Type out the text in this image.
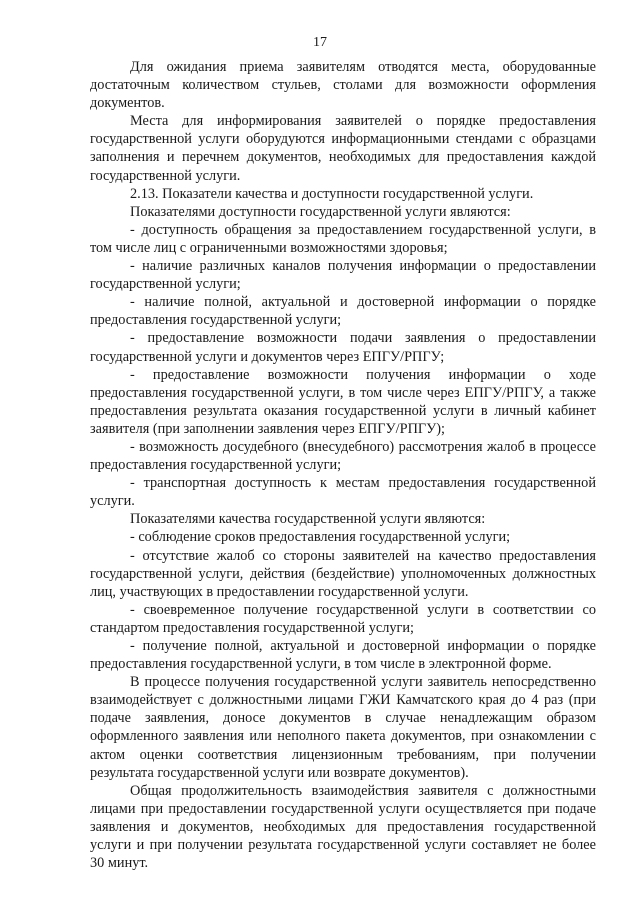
17

Для ожидания приема заявителям отводятся места, оборудованные достаточным количеством стульев, столами для возможности оформления документов.

Места для информирования заявителей о порядке предоставления государственной услуги оборудуются информационными стендами с образцами заполнения и перечнем документов, необходимых для предоставления каждой государственной услуги.

2.13. Показатели качества и доступности государственной услуги.

Показателями доступности государственной услуги являются:

- доступность обращения за предоставлением государственной услуги, в том числе лиц с ограниченными возможностями здоровья;

- наличие различных каналов получения информации о предоставлении государственной услуги;

- наличие полной, актуальной и достоверной информации о порядке предоставления государственной услуги;

- предоставление возможности подачи заявления о предоставлении государственной услуги и документов через ЕПГУ/РПГУ;

- предоставление возможности получения информации о ходе предоставления государственной услуги, в том числе через ЕПГУ/РПГУ, а также предоставления результата оказания государственной услуги в личный кабинет заявителя (при заполнении заявления через ЕПГУ/РПГУ);

- возможность досудебного (внесудебного) рассмотрения жалоб в процессе предоставления государственной услуги;

- транспортная доступность к местам предоставления государственной услуги.

Показателями качества государственной услуги являются:

- соблюдение сроков предоставления государственной услуги;

- отсутствие жалоб со стороны заявителей на качество предоставления государственной услуги, действия (бездействие) уполномоченных должностных лиц, участвующих в предоставлении государственной услуги.

- своевременное получение государственной услуги в соответствии со стандартом предоставления государственной услуги;

- получение полной, актуальной и достоверной информации о порядке предоставления государственной услуги, в том числе в электронной форме.

В процессе получения государственной услуги заявитель непосредственно взаимодействует с должностными лицами ГЖИ Камчатского края до 4 раз (при подаче заявления, доносе документов в случае ненадлежащим образом оформленного заявления или неполного пакета документов, при ознакомлении с актом оценки соответствия лицензионным требованиям, при получении результата государственной услуги или возврате документов).

Общая продолжительность взаимодействия заявителя с должностными лицами при предоставлении государственной услуги осуществляется при подаче заявления и документов, необходимых для предоставления государственной услуги и при получении результата государственной услуги составляет не более 30 минут.
